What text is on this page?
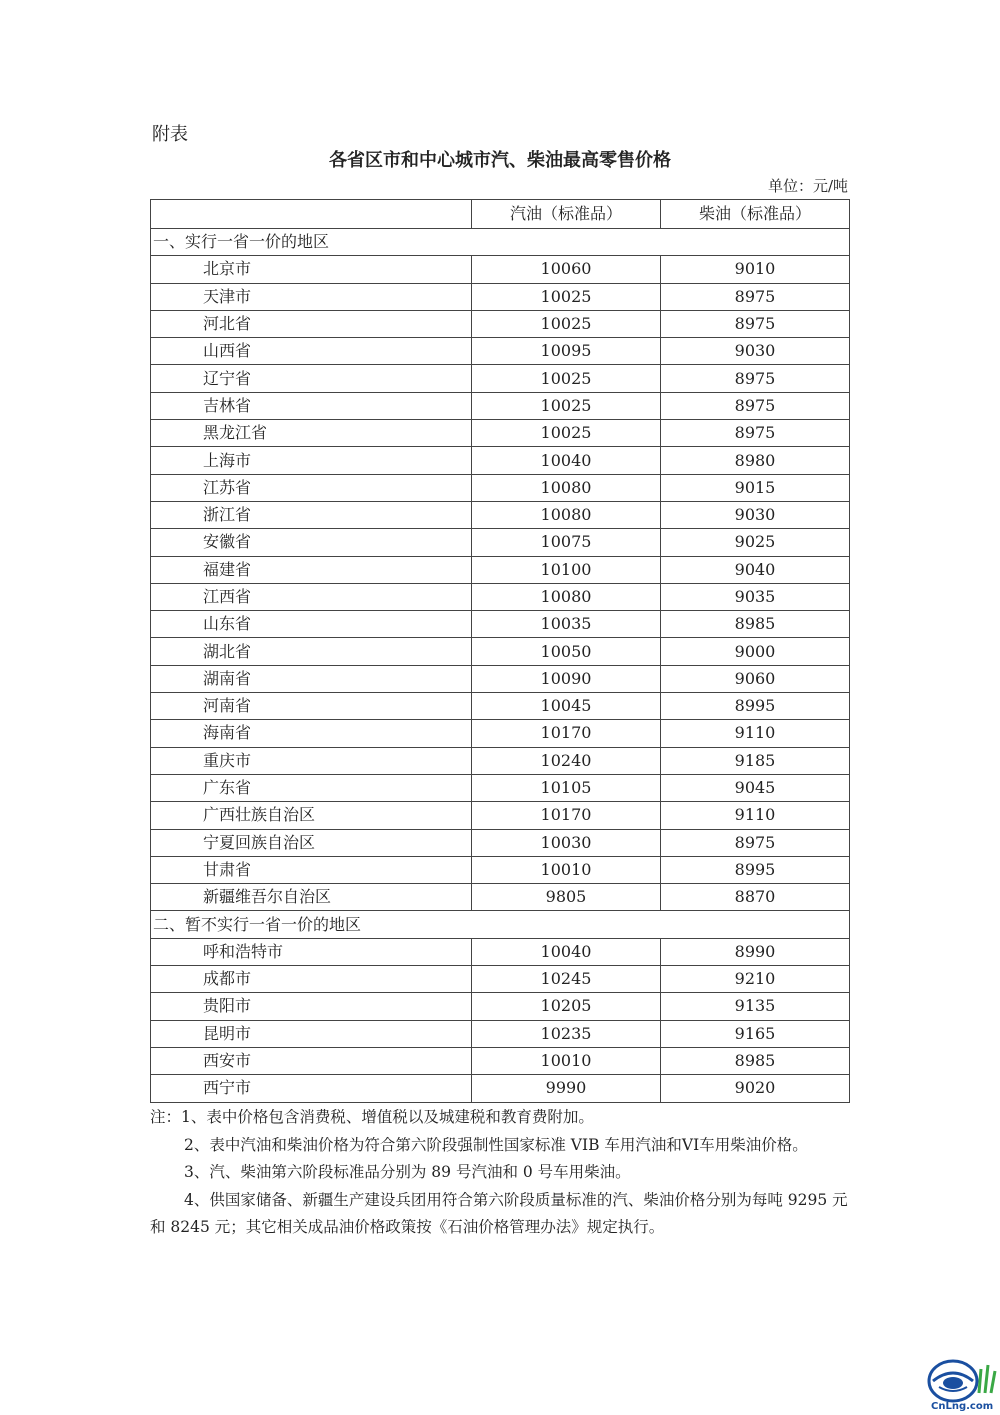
附表
各省区市和中心城市汽、柴油最高零售价格
单位：元/吨
	汽油（标准品）	柴油（标准品）
一、实行一省一价的地区		
北京市	10060	9010
天津市	10025	8975
河北省	10025	8975
山西省	10095	9030
辽宁省	10025	8975
吉林省	10025	8975
黑龙江省	10025	8975
上海市	10040	8980
江苏省	10080	9015
浙江省	10080	9030
安徽省	10075	9025
福建省	10100	9040
江西省	10080	9035
山东省	10035	8985
湖北省	10050	9000
湖南省	10090	9060
河南省	10045	8995
海南省	10170	9110
重庆市	10240	9185
广东省	10105	9045
广西壮族自治区	10170	9110
宁夏回族自治区	10030	8975
甘肃省	10010	8995
新疆维吾尔自治区	9805	8870
二、暂不实行一省一价的地区		
呼和浩特市	10040	8990
成都市	10245	9210
贵阳市	10205	9135
昆明市	10235	9165
西安市	10010	8985
西宁市	9990	9020

注：1、表中价格包含消费税、增值税以及城建税和教育费附加。

2、表中汽油和柴油价格为符合第六阶段强制性国家标准 VIB 车用汽油和VI车用柴油价格。

3、汽、柴油第六阶段标准品分别为 89 号汽油和 0 号车用柴油。

4、供国家储备、新疆生产建设兵团用符合第六阶段质量标准的汽、柴油价格分别为每吨 9295 元和 8245 元；其它相关成品油价格政策按《石油价格管理办法》规定执行。

CnLng.com
